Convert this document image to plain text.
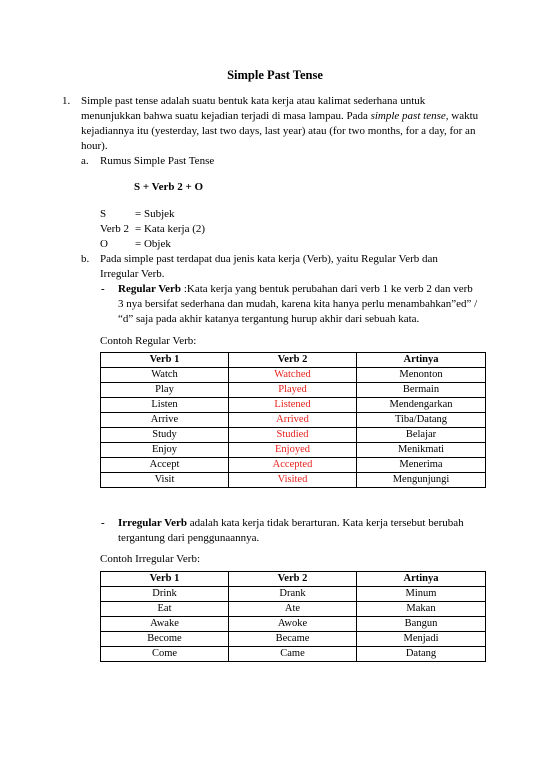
Simple Past Tense
1. Simple past tense adalah suatu bentuk kata kerja atau kalimat sederhana untuk
menunjukkan bahwa suatu kejadian terjadi di masa lampau. Pada simple past tense, waktu
kejadiannya itu (yesterday, last two days, last year) atau (for two months, for a day, for an
hour).
a. Rumus Simple Past Tense
S + Verb 2 + O
S	= Subjek
Verb 2 = Kata kerja (2)
O = Objek
b. Pada simple past terdapat dua jenis kata kerja (Verb), yaitu Regular Verb dan
Irregular Verb.
- Regular Verb :Kata kerja yang bentuk perubahan dari verb 1 ke verb 2 dan verb
3 nya bersifat sederhana dan mudah, karena kita hanya perlu menambahkan”ed” /
“d” saja pada akhir katanya tergantung hurup akhir dari sebuah kata.
Contoh Regular Verb:
Verb 1	Verb 2	Artinya
Watch	Watched	Menonton
Play	Played	Bermain
Listen	Listened	Mendengarkan
Arrive	Arrived	Tiba/Datang
Study	Studied	Belajar
Enjoy	Enjoyed	Menikmati
Accept	Accepted	Menerima
Visit	Visited	Mengunjungi
- Irregular Verb adalah kata kerja tidak berarturan. Kata kerja tersebut berubah
tergantung dari penggunaannya.
Contoh Irregular Verb:
Verb 1	Verb 2	Artinya
Drink	Drank	Minum
Eat	Ate	Makan
Awake	Awoke	Bangun
Become	Became	Menjadi
Come	Came	Datang
